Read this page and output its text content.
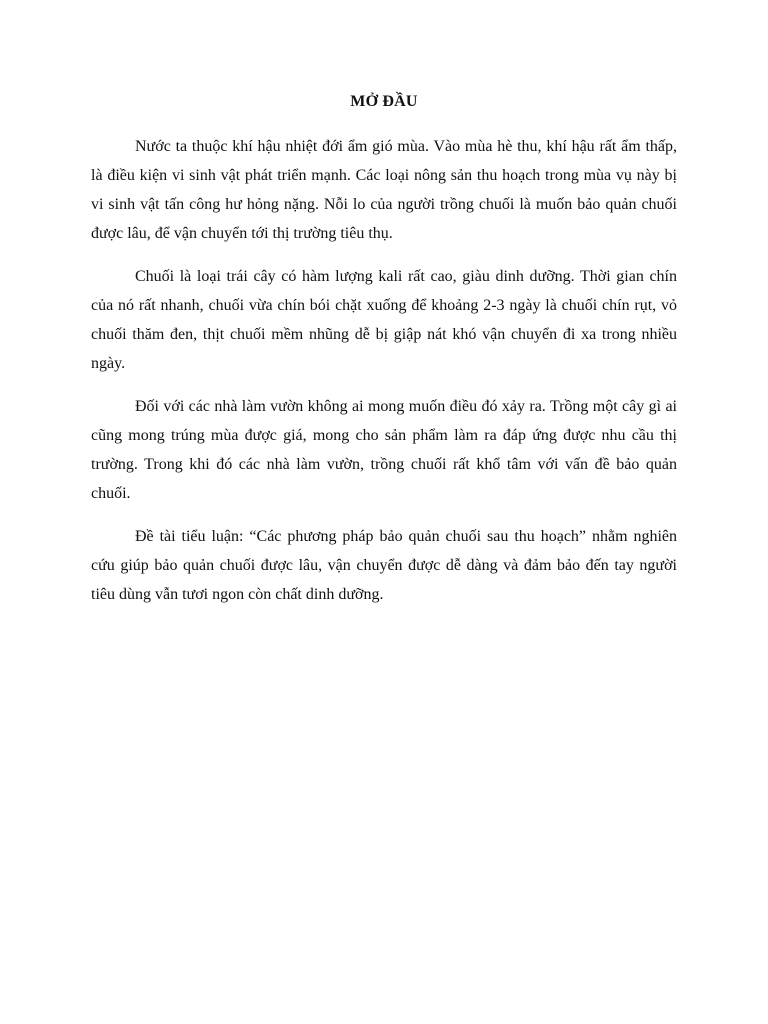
MỞ ĐẦU

Nước ta thuộc khí hậu nhiệt đới ẩm gió mùa. Vào mùa hè thu, khí hậu rất ẩm thấp, là điều kiện vi sinh vật phát triển mạnh. Các loại nông sản thu hoạch trong mùa vụ này bị vi sinh vật tấn công hư hỏng nặng. Nỗi lo của người trồng chuối là muốn bảo quản chuối được lâu, để vận chuyển tới thị trường tiêu thụ.

Chuối là loại trái cây có hàm lượng kali rất cao, giàu dinh dưỡng. Thời gian chín của nó rất nhanh, chuối vừa chín bói chặt xuống để khoảng 2-3 ngày là chuối chín rụt, vỏ chuối thăm đen, thịt chuối mềm nhũng dễ bị giập nát khó vận chuyển đi xa trong nhiều ngày.

Đối với các nhà làm vườn không ai mong muốn điều đó xảy ra. Trồng một cây gì ai cũng mong trúng mùa được giá, mong cho sản phẩm làm ra đáp ứng được nhu cầu thị trường. Trong khi đó các nhà làm vườn, trồng chuối rất khổ tâm với vấn đề bảo quản chuối.

Đề tài tiểu luận: “Các phương pháp bảo quản chuối sau thu hoạch” nhằm nghiên cứu giúp bảo quản chuối được lâu, vận chuyển được dễ dàng và đảm bảo đến tay người tiêu dùng vẫn tươi ngon còn chất dinh dưỡng.
